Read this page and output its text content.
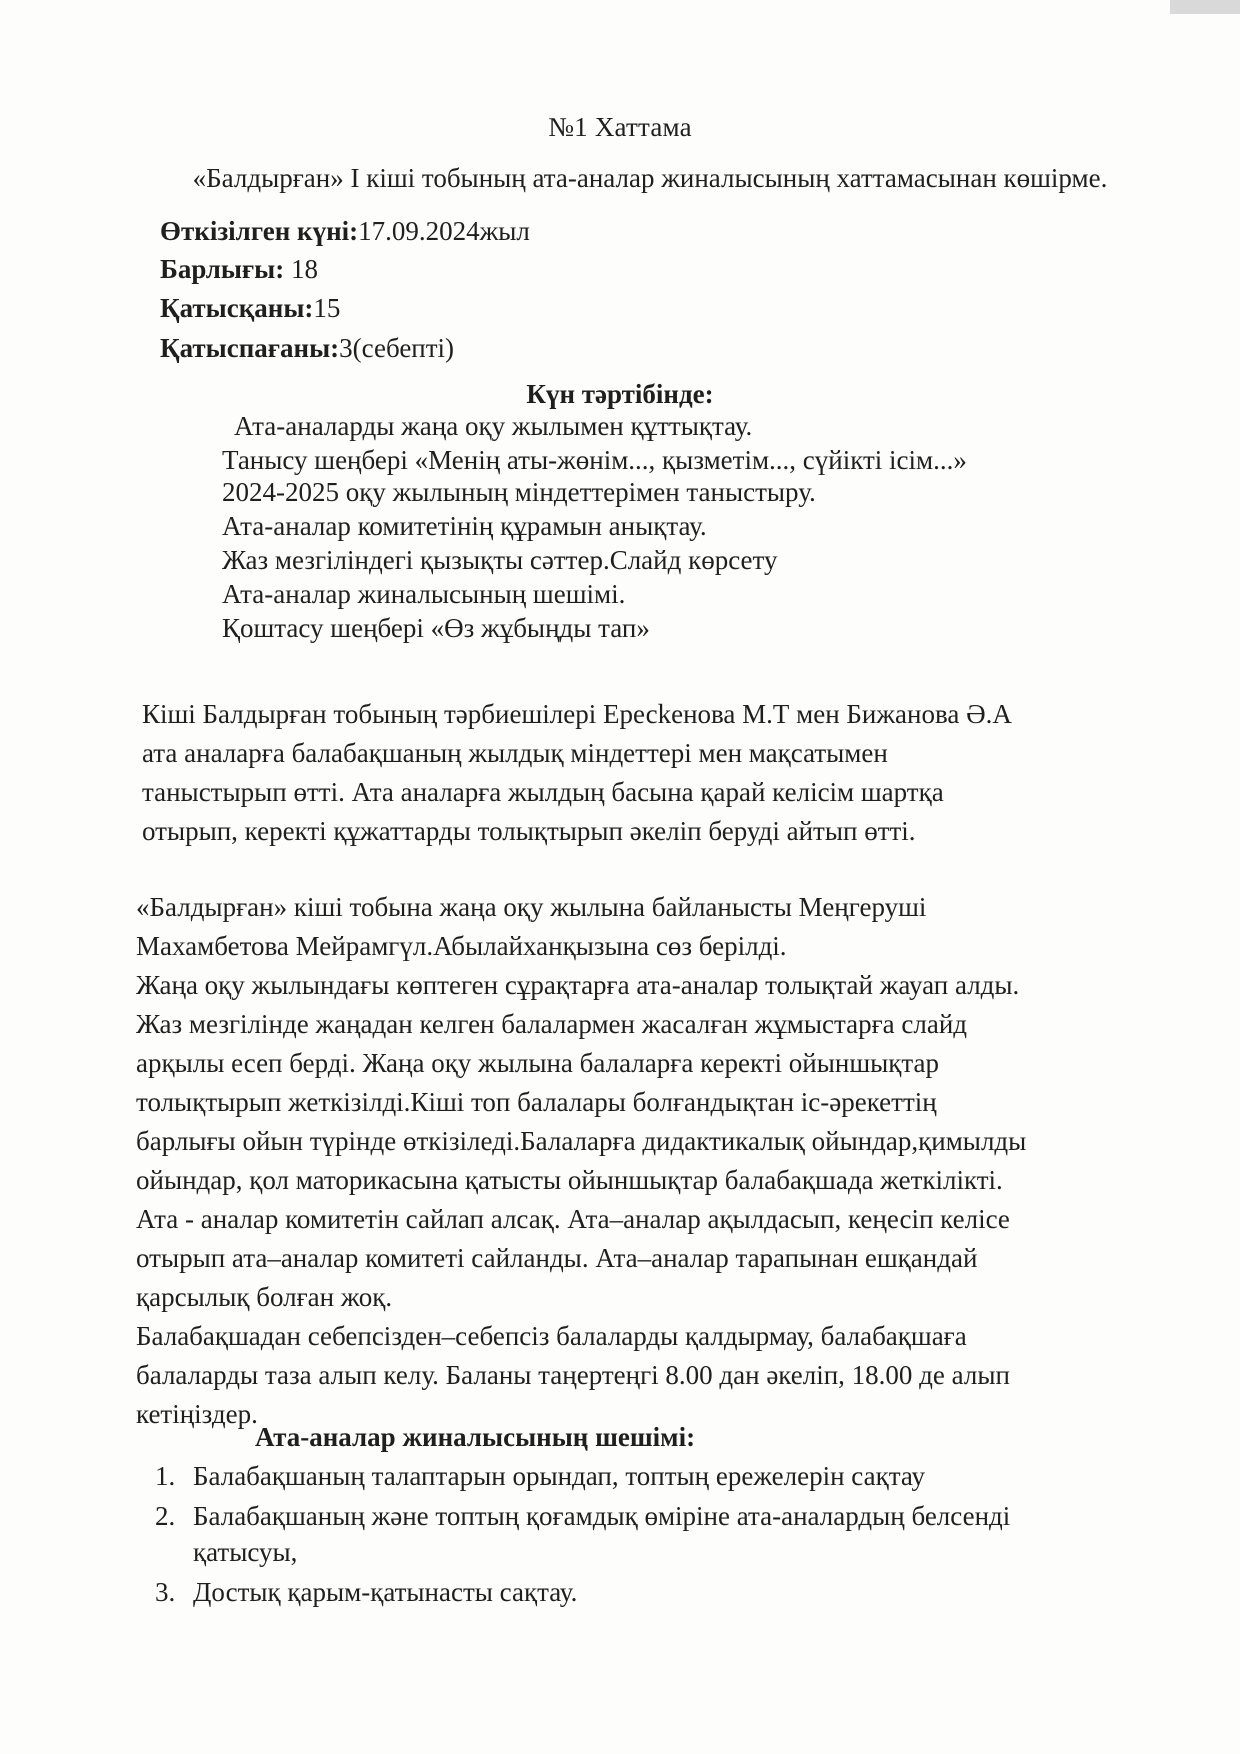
№1 Хаттама
«Балдырған» І кіші тобының ата-аналар жиналысының хаттамасынан көшірме.
Өткізілген күні:17.09.2024жыл
Барлығы: 18
Қатысқаны:15
Қатыспағаны:3(себепті)
Күн тәртібінде:
Ата-аналарды жаңа оқу жылымен құттықтау.
Танысу шеңбері «Менің аты-жөнім..., қызметім..., сүйікті ісім...»
2024-2025 оқу жылының міндеттерімен таныстыру.
Ата-аналар комитетінің құрамын анықтау.
Жаз мезгіліндегі қызықты сәттер.Слайд көрсету
Ата-аналар жиналысының шешімі.
Қоштасу шеңбері «Өз жұбыңды тап»
Кіші Балдырған тобының тәрбиешілері Ересkенова М.Т мен Бижанова Ә.А
ата аналарға балабақшаның жылдық міндеттері мен мақсатымен
таныстырып өтті. Ата аналарға жылдың басына қарай келісім шартқа
отырып, керекті құжаттарды толықтырып әкеліп беруді айтып өтті.
«Балдырған» кіші тобына жаңа оқу жылына байланысты Меңгеруші
Махамбетова Мейрамгүл.Абылайханқызына сөз берілді.
Жаңа оқу жылындағы көптеген сұрақтарға ата-аналар толықтай жауап алды.
Жаз мезгілінде жаңадан келген балалармен жасалған жұмыстарға слайд
арқылы есеп берді. Жаңа оқу жылына балаларға керекті ойыншықтар
толықтырып жеткізілді.Кіші топ балалары болғандықтан іс-әрекеттің
барлығы ойын түрінде өткізіледі.Балаларға дидактикалық ойындар,қимылды
ойындар, қол маторикасына қатысты ойыншықтар балабақшада жеткілікті.
Ата - аналар комитетін сайлап алсақ. Ата–аналар ақылдасып, кеңесіп келісе
отырып ата–аналар комитеті сайланды. Ата–аналар тарапынан ешқандай
қарсылық болған жоқ.
Балабақшадан себепсізден–себепсіз балаларды қалдырмау, балабақшаға
балаларды таза алып келу. Баланы таңертеңгі 8.00 дан әкеліп, 18.00 де алып
кетіңіздер.
Ата-аналар жиналысының шешімі:
1. Балабақшаның талаптарын орындап, топтың ережелерін сақтау
2. Балабақшаның және топтың қоғамдық өміріне ата-аналардың белсенді қатысуы,
3. Достық қарым-қатынасты сақтау.
